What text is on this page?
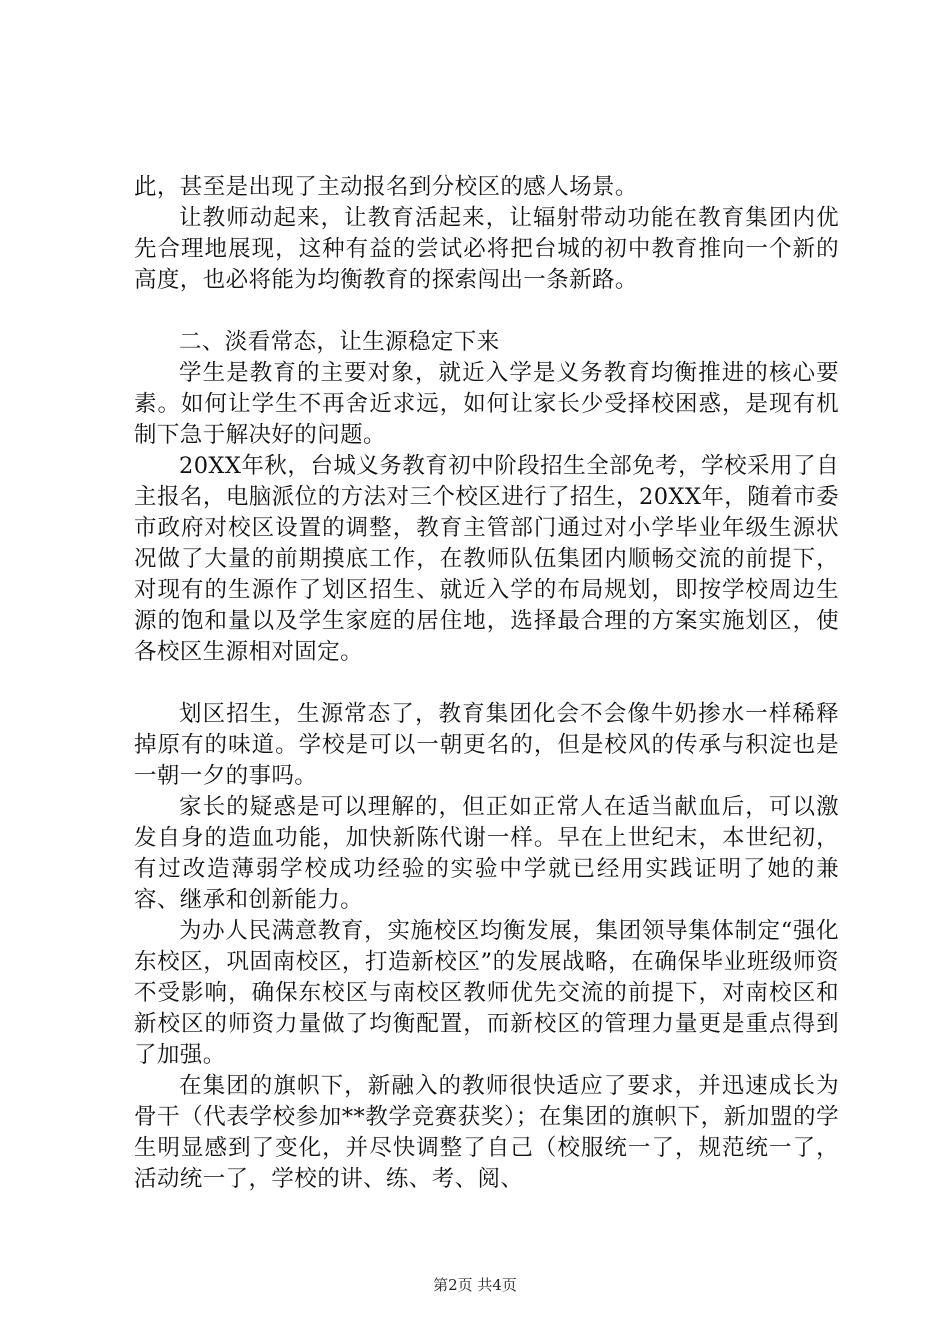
此，甚至是出现了主动报名到分校区的感人场景。

让教师动起来，让教育活起来，让辐射带动功能在教育集团内优先合理地展现，这种有益的尝试必将把台城的初中教育推向一个新的高度，也必将能为均衡教育的探索闯出一条新路。

二、淡看常态，让生源稳定下来

学生是教育的主要对象，就近入学是义务教育均衡推进的核心要素。如何让学生不再舍近求远，如何让家长少受择校困惑，是现有机制下急于解决好的问题。

20XX年秋，台城义务教育初中阶段招生全部免考，学校采用了自主报名，电脑派位的方法对三个校区进行了招生，20XX年，随着市委市政府对校区设置的调整，教育主管部门通过对小学毕业年级生源状况做了大量的前期摸底工作，在教师队伍集团内顺畅交流的前提下，对现有的生源作了划区招生、就近入学的布局规划，即按学校周边生源的饱和量以及学生家庭的居住地，选择最合理的方案实施划区，使各校区生源相对固定。

划区招生，生源常态了，教育集团化会不会像牛奶掺水一样稀释掉原有的味道。学校是可以一朝更名的，但是校风的传承与积淀也是一朝一夕的事吗。

家长的疑惑是可以理解的，但正如正常人在适当献血后，可以激发自身的造血功能，加快新陈代谢一样。早在上世纪末，本世纪初，有过改造薄弱学校成功经验的实验中学就已经用实践证明了她的兼容、继承和创新能力。

为办人民满意教育，实施校区均衡发展，集团领导集体制定“强化东校区，巩固南校区，打造新校区”的发展战略，在确保毕业班级师资不受影响，确保东校区与南校区教师优先交流的前提下，对南校区和新校区的师资力量做了均衡配置，而新校区的管理力量更是重点得到了加强。

在集团的旗帜下，新融入的教师很快适应了要求，并迅速成长为骨干（代表学校参加**教学竞赛获奖）；在集团的旗帜下，新加盟的学生明显感到了变化，并尽快调整了自己（校服统一了，规范统一了，活动统一了，学校的讲、练、考、阅、

第2页 共4页
